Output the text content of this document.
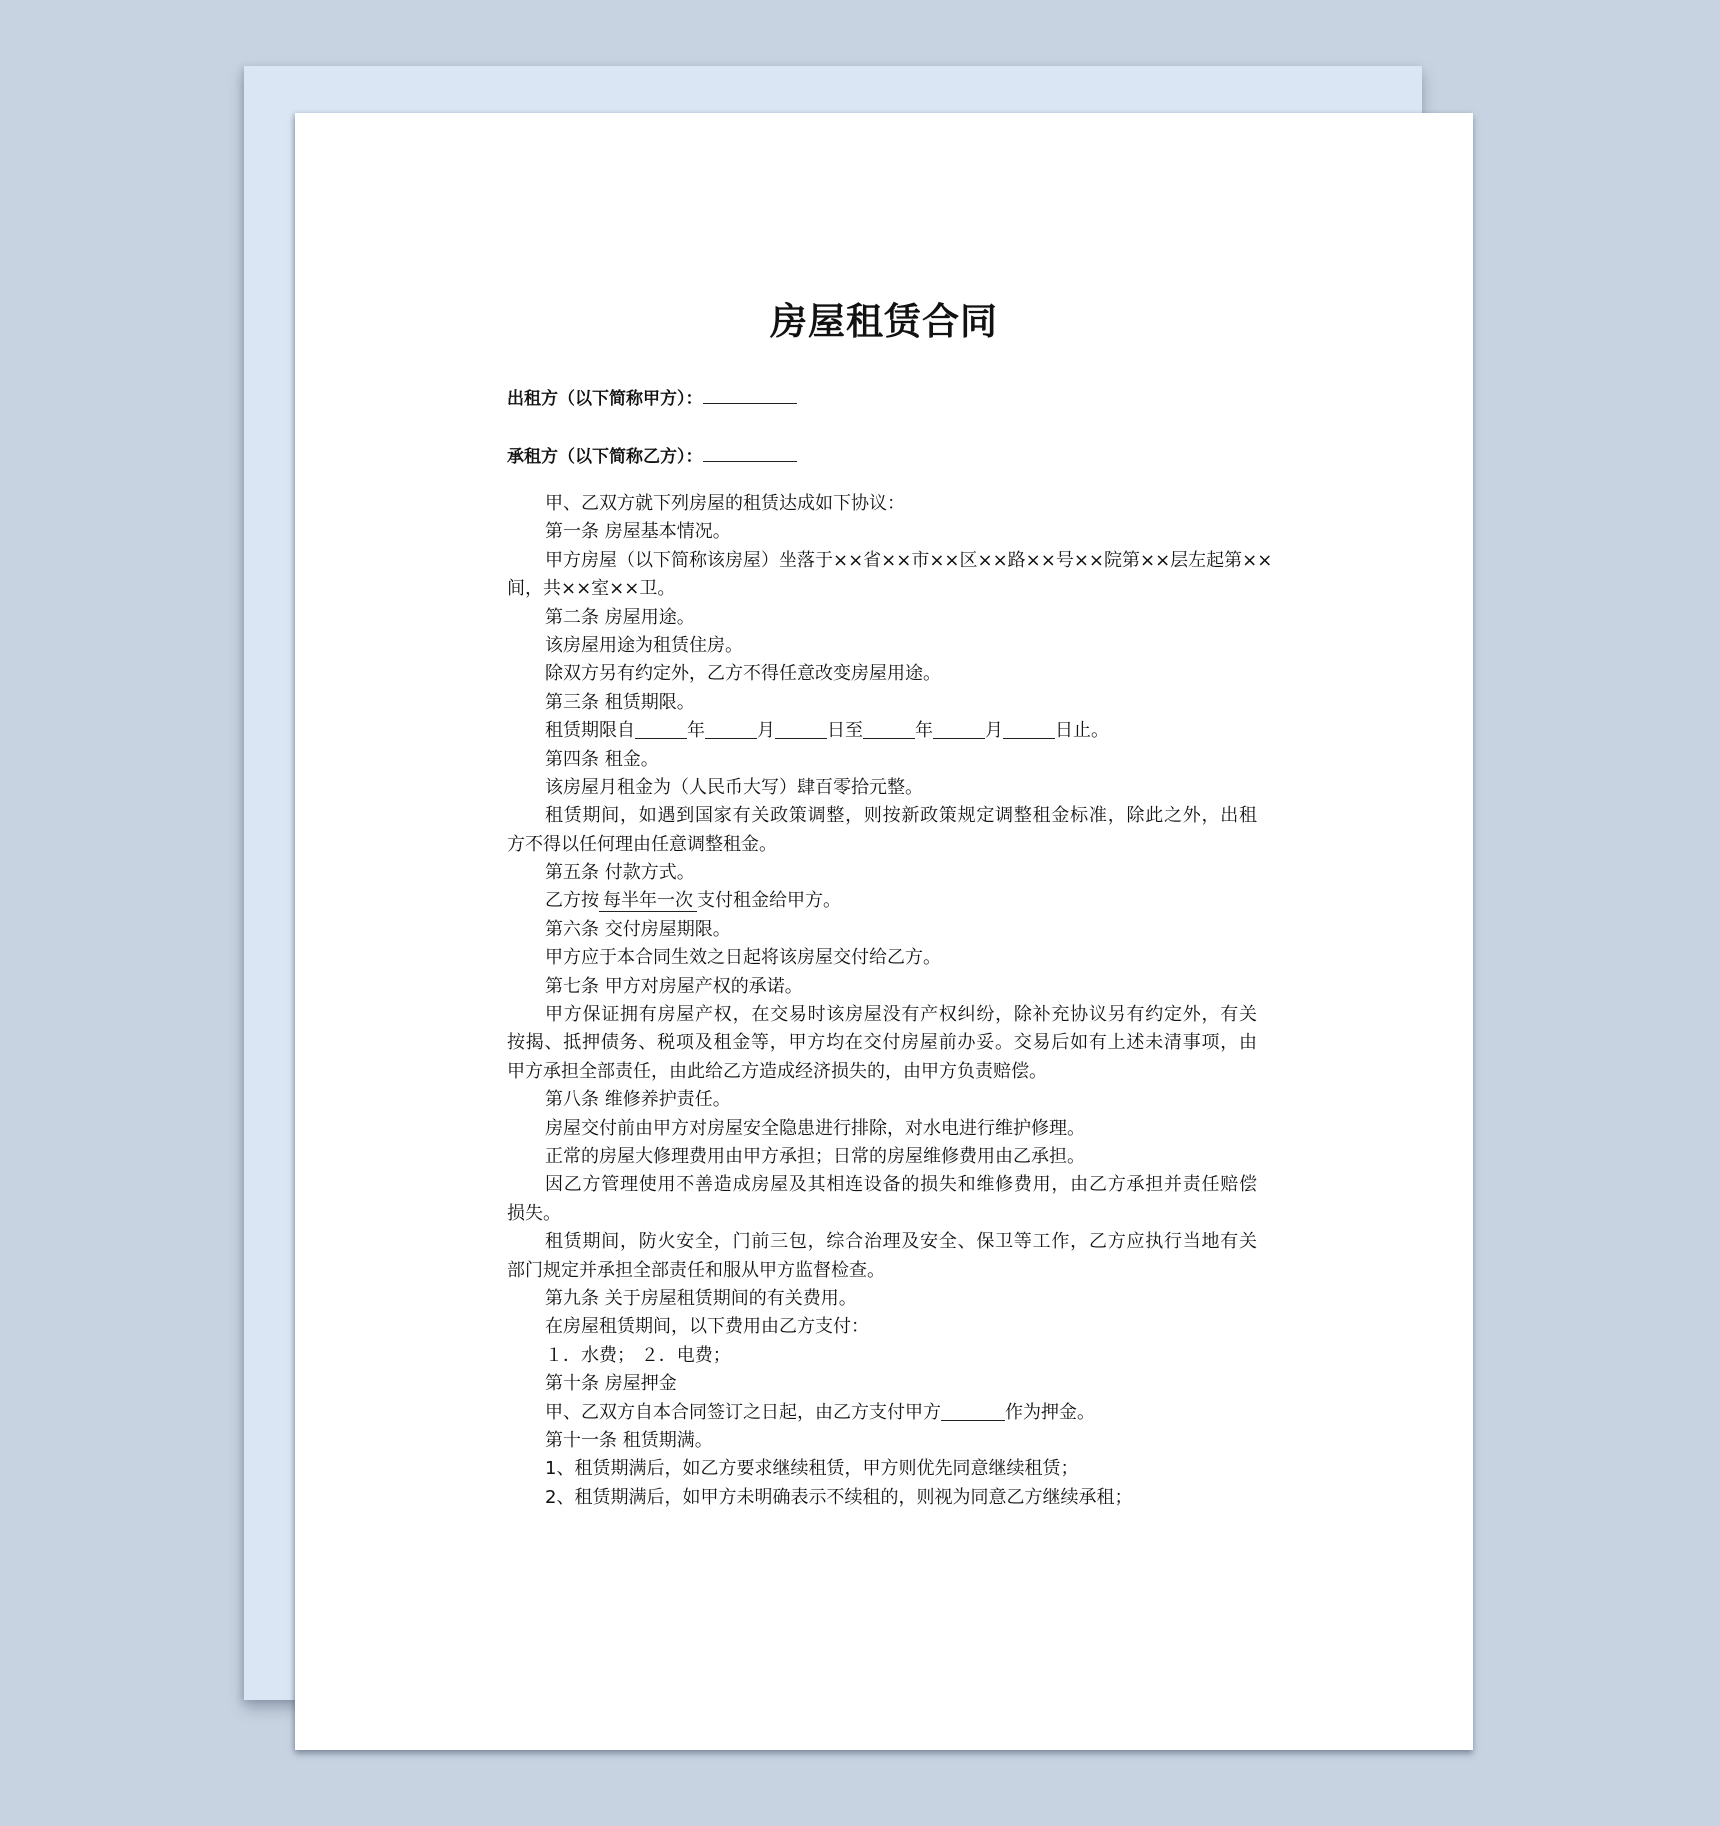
房屋租赁合同
出租方（以下简称甲方）：
承租方（以下简称乙方）：
甲、乙双方就下列房屋的租赁达成如下协议：
第一条 房屋基本情况。
甲方房屋（以下简称该房屋）坐落于××省××市××区××路××号××院第××层左起第××
间，共××室××卫。
第二条 房屋用途。
该房屋用途为租赁住房。
除双方另有约定外，乙方不得任意改变房屋用途。
第三条 租赁期限。
租赁期限自	年	月	日至	年	月	日止。
第四条 租金。
该房屋月租金为（人民币大写）肆百零拾元整。
租赁期间，如遇到国家有关政策调整，则按新政策规定调整租金标准，除此之外，出租
方不得以任何理由任意调整租金。
第五条 付款方式。
乙方按 每半年一次 支付租金给甲方。
第六条 交付房屋期限。
甲方应于本合同生效之日起将该房屋交付给乙方。
第七条 甲方对房屋产权的承诺。
甲方保证拥有房屋产权，在交易时该房屋没有产权纠纷，除补充协议另有约定外，有关
按揭、抵押债务、税项及租金等，甲方均在交付房屋前办妥。交易后如有上述未清事项，由
甲方承担全部责任，由此给乙方造成经济损失的，由甲方负责赔偿。
第八条 维修养护责任。
房屋交付前由甲方对房屋安全隐患进行排除，对水电进行维护修理。
正常的房屋大修理费用由甲方承担；日常的房屋维修费用由乙承担。
因乙方管理使用不善造成房屋及其相连设备的损失和维修费用，由乙方承担并责任赔偿
损失。
租赁期间，防火安全，门前三包，综合治理及安全、保卫等工作，乙方应执行当地有关
部门规定并承担全部责任和服从甲方监督检查。
第九条 关于房屋租赁期间的有关费用。
在房屋租赁期间，以下费用由乙方支付：
１．水费； ２．电费；
第十条 房屋押金
甲、乙双方自本合同签订之日起，由乙方支付甲方	作为押金。
第十一条 租赁期满。
1、租赁期满后，如乙方要求继续租赁，甲方则优先同意继续租赁；
2、租赁期满后，如甲方未明确表示不续租的，则视为同意乙方继续承租；
